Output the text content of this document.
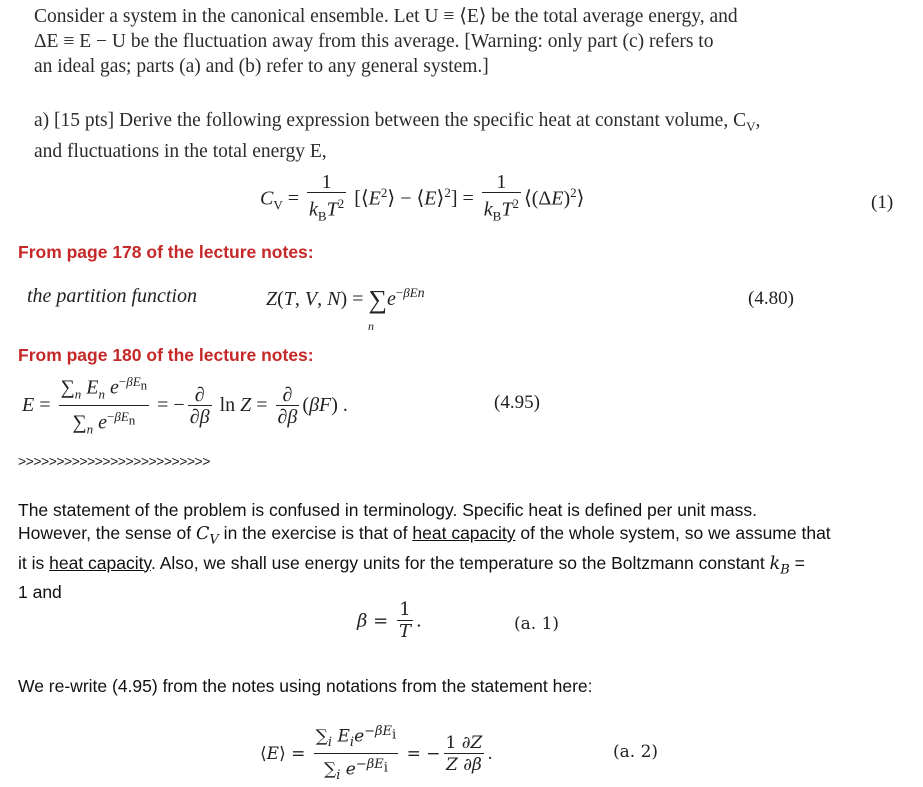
Consider a system in the canonical ensemble. Let U ≡ ⟨E⟩ be the total average energy, and
ΔE ≡ E − U be the fluctuation away from this average. [Warning: only part (c) refers to
an ideal gas; parts (a) and (b) refer to any general system.]
a) [15 pts] Derive the following expression between the specific heat at constant volume, $C_V$,
and fluctuations in the total energy E,
$C_V = \frac{1}{k_BT^2}$ [$⟨E^2⟩$ − ⟨E⟩$^2$] = $\frac{1}{k_BT^2}$ $⟨(\Delta E)^2⟩$	(1)
From page 178 of the lecture notes:
the partition function	Z(T, V, $N) = \sum e^{-\beta En}$
n
(4.80)
From page 180 of the lecture notes:
$E = \frac{\sum_n E_n e^{-\beta E_n}}{\sum_n e^{-\beta E_n}}$ = − $\frac{\partial}{\partial\beta}$ $\ln Z = \frac{\partial}{\partial\beta} (\beta F)$ .	(4.95)
>>>>>>>>>>>>>>>>>>>>>>>>>
The statement of the problem is confused in terminology. Specific heat is defined per unit mass.
However, the sense of $C_V$ in the exercise is that of heat capacity of the whole system, so we assume that
it is heat capacity. Also, we shall use energy units for the temperature so the Boltzmann constant $k_B$ =
1 and
$\beta = \frac{1}{T}$ .	(a. 1)
We re-write (4.95) from the notes using notations from the statement here:
⟨E⟩ = $\frac{\sum_i E_ie^{-\beta E_i}}{\sum_i e^{-\beta E_i}}$ = − $\frac{1 \partial Z}{Z \partial\beta}$ .	(a. 2)
